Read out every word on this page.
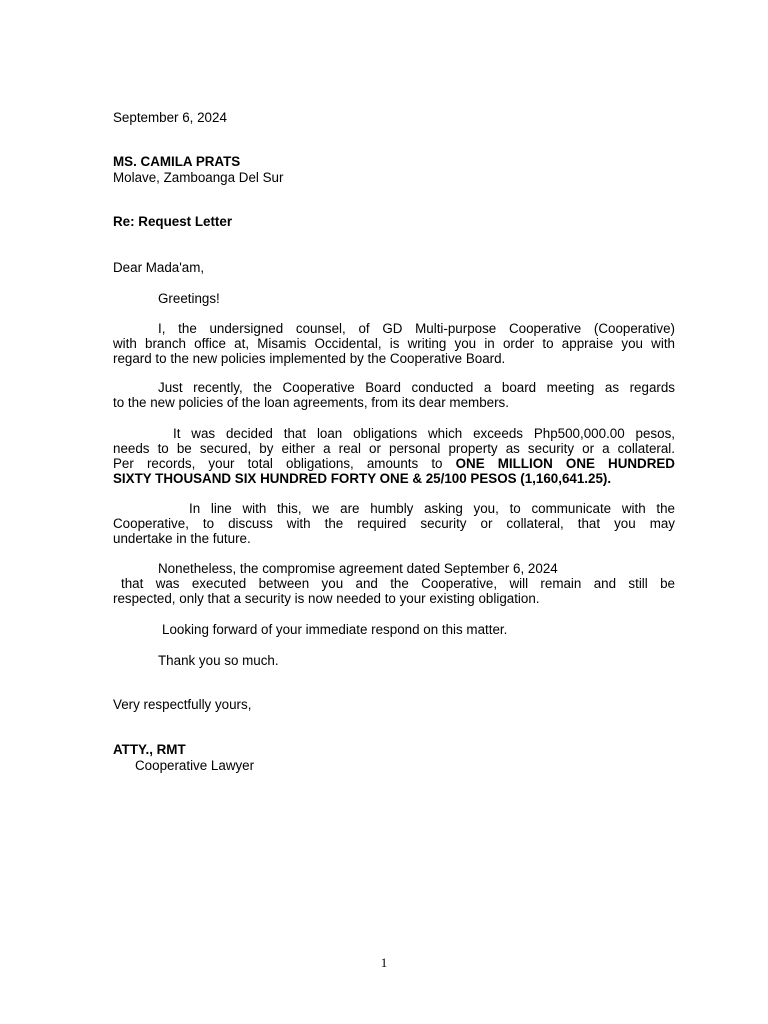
September 6, 2024
MS. CAMILA PRATS
Molave, Zamboanga Del Sur
Re: Request Letter
Dear Mada'am,
Greetings!
I, the undersigned counsel, of GD Multi-purpose Cooperative (Cooperative)
with branch office at, Misamis Occidental, is writing you in order to appraise you with
regard to the new policies implemented by the Cooperative Board.
Just recently, the Cooperative Board conducted a board meeting as regards
to the new policies of the loan agreements, from its dear members.
It was decided that loan obligations which exceeds Php500,000.00 pesos,
needs to be secured, by either a real or personal property as security or a collateral.
Per records, your total obligations, amounts to ONE MILLION ONE HUNDRED
SIXTY THOUSAND SIX HUNDRED FORTY ONE & 25/100 PESOS (1,160,641.25).
In line with this, we are humbly asking you, to communicate with the
Cooperative, to discuss with the required security or collateral, that you may
undertake in the future.
Nonetheless, the compromise agreement dated September 6, 2024
that was executed between you and the Cooperative, will remain and still be
respected, only that a security is now needed to your existing obligation.
Looking forward of your immediate respond on this matter.
Thank you so much.
Very respectfully yours,
ATTY., RMT
Cooperative Lawyer
1
